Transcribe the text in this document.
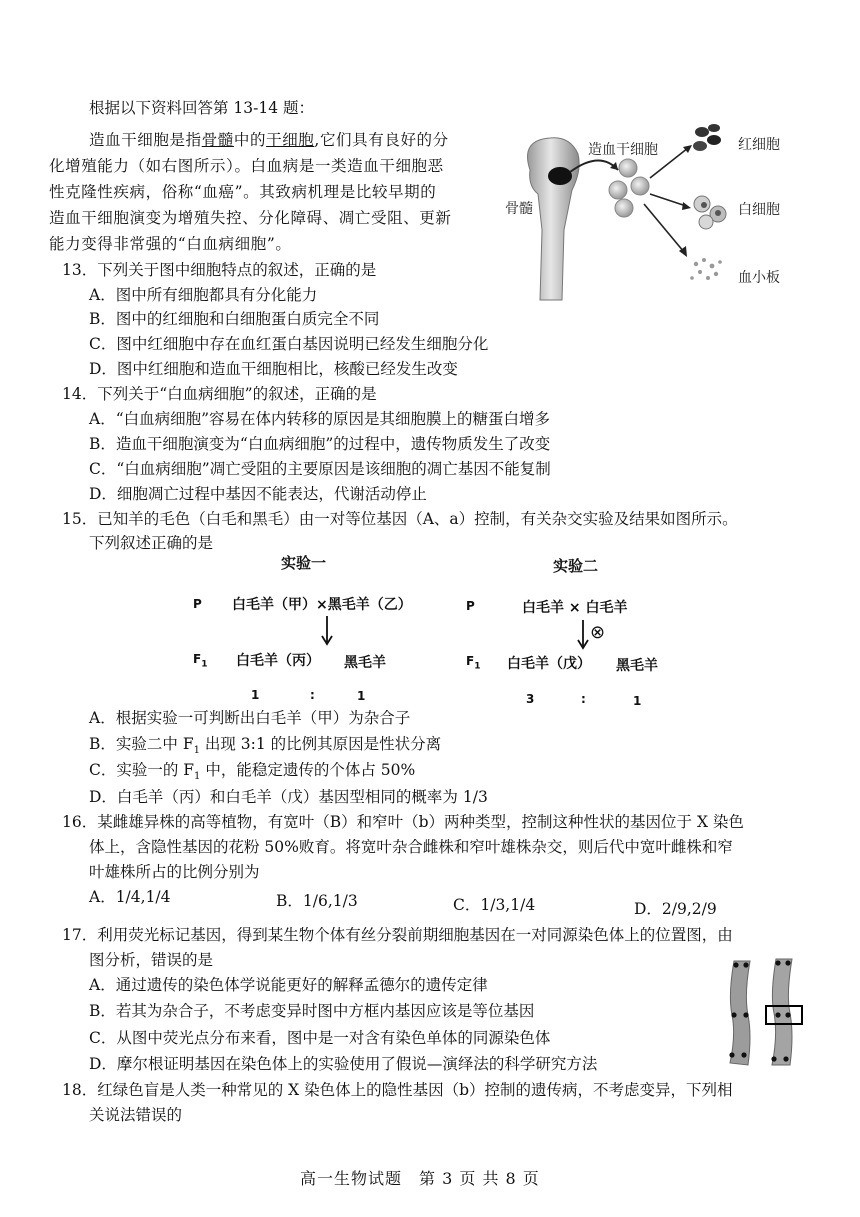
根据以下资料回答第 13-14 题：
造血干细胞是指骨髓中的干细胞,它们具有良好的分
化增殖能力（如右图所示）。白血病是一类造血干细胞恶
性克隆性疾病，俗称“血癌”。其致病机理是比较早期的
造血干细胞演变为增殖失控、分化障碍、凋亡受阻、更新
能力变得非常强的“白血病细胞”。
造血干细胞
骨髓
红细胞
白细胞
血小板
13．下列关于图中细胞特点的叙述，正确的是
A．图中所有细胞都具有分化能力
B．图中的红细胞和白细胞蛋白质完全不同
C．图中红细胞中存在血红蛋白基因说明已经发生细胞分化
D．图中红细胞和造血干细胞相比，核酸已经发生改变
14．下列关于“白血病细胞”的叙述，正确的是
A．“白血病细胞”容易在体内转移的原因是其细胞膜上的糖蛋白增多
B．造血干细胞演变为“白血病细胞”的过程中，遗传物质发生了改变
C．“白血病细胞”凋亡受阻的主要原因是该细胞的凋亡基因不能复制
D．细胞凋亡过程中基因不能表达，代谢活动停止
15．已知羊的毛色（白毛和黑毛）由一对等位基因（A、a）控制，有关杂交实验及结果如图所示。
下列叙述正确的是
实验一
P 白毛羊（甲）×黑毛羊（乙）
$F_1$ 白毛羊（丙） 黑毛羊
1	:	1
实验二
P	白毛羊 × 白毛羊
⊗
$F_1$ 白毛羊（戊） 黑毛羊
3	:	1
A．根据实验一可判断出白毛羊（甲）为杂合子
B．实验二中 $F_1$ 出现 3:1 的比例其原因是性状分离
C．实验一的 $F_1$ 中，能稳定遗传的个体占 50%
D．白毛羊（丙）和白毛羊（戊）基因型相同的概率为 1/3
16．某雌雄异株的高等植物，有宽叶（B）和窄叶（b）两种类型，控制这种性状的基因位于 X 染色
体上，含隐性基因的花粉 50%败育。将宽叶杂合雌株和窄叶雄株杂交，则后代中宽叶雌株和窄
叶雄株所占的比例分别为
A．1/4,1/4	B．1/6,1/3	C．1/3,1/4	D．2/9,2/9
17．利用荧光标记基因，得到某生物个体有丝分裂前期细胞基因在一对同源染色体上的位置图，由
图分析，错误的是
A．通过遗传的染色体学说能更好的解释孟德尔的遗传定律
B．若其为杂合子，不考虑变异时图中方框内基因应该是等位基因
C．从图中荧光点分布来看，图中是一对含有染色单体的同源染色体
D．摩尔根证明基因在染色体上的实验使用了假说—演绎法的科学研究方法
18．红绿色盲是人类一种常见的 X 染色体上的隐性基因（b）控制的遗传病，不考虑变异，下列相
关说法错误的
高一生物试题　第 3 页 共 8 页
